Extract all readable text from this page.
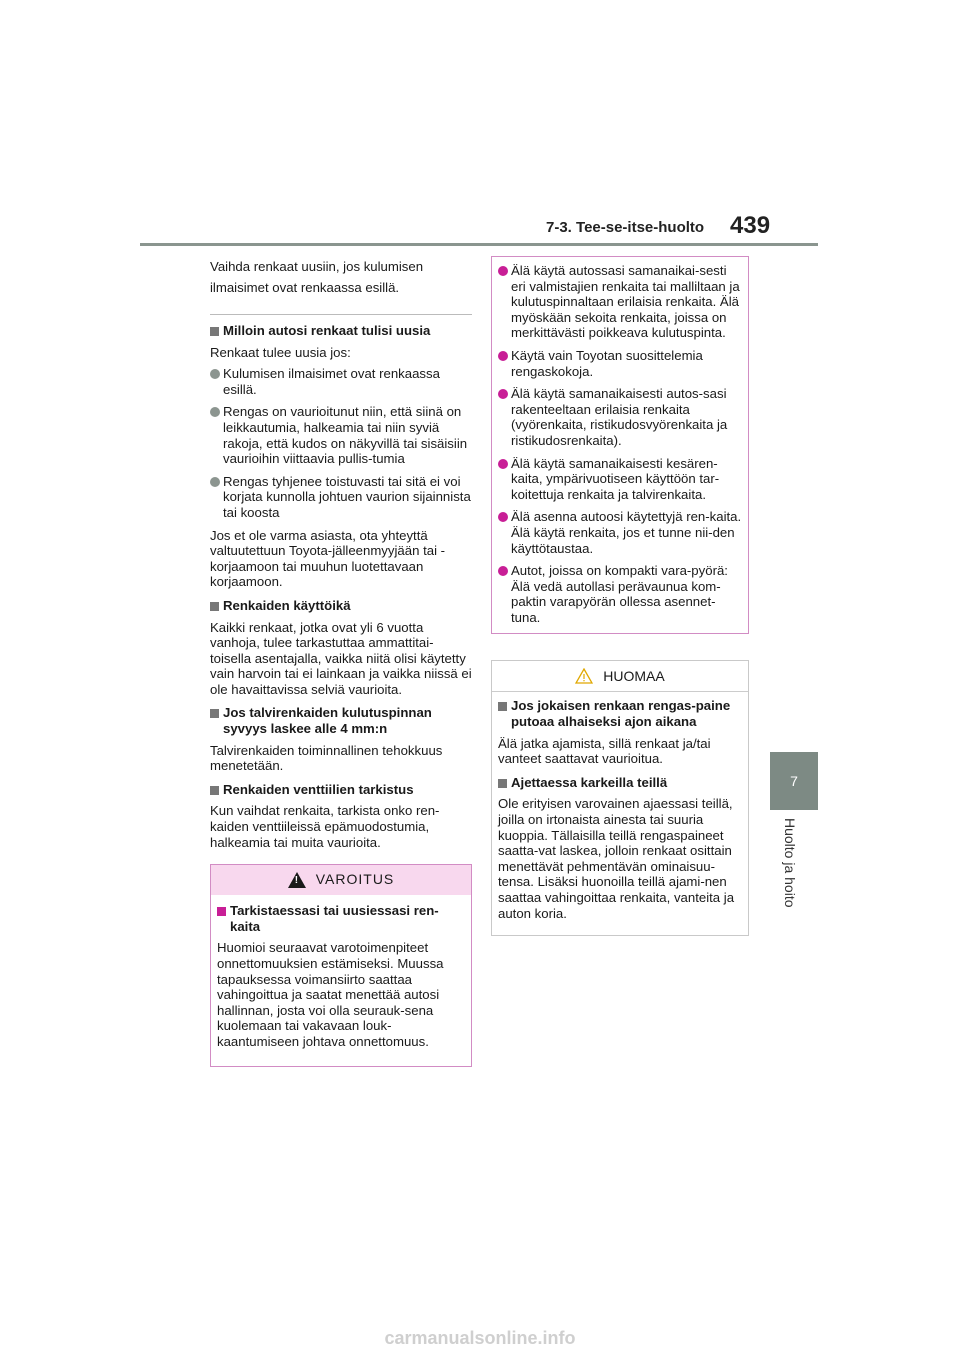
7-3. Tee-se-itse-huolto 439
7
Huolto ja hoito

Vaihda renkaat uusiin, jos kulumisen ilmaisimet ovat renkaassa esillä.

Milloin autosi renkaat tulisi uusia

Renkaat tulee uusia jos:

Kulumisen ilmaisimet ovat renkaassa esillä.

Rengas on vaurioitunut niin, että siinä on leikkautumia, halkeamia tai niin syviä rakoja, että kudos on näkyvillä tai sisäisiin vaurioihin viittaavia pullis-tumia

Rengas tyhjenee toistuvasti tai sitä ei voi korjata kunnolla johtuen vaurion sijainnista tai koosta

Jos et ole varma asiasta, ota yhteyttä valtuutettuun Toyota-jälleenmyyjään tai -korjaamoon tai muuhun luotettavaan korjaamoon.

Renkaiden käyttöikä

Kaikki renkaat, jotka ovat yli 6 vuotta vanhoja, tulee tarkastuttaa ammattitai-toisella asentajalla, vaikka niitä olisi käytetty vain harvoin tai ei lainkaan ja vaikka niissä ei ole havaittavissa selviä vaurioita.

Jos talvirenkaiden kulutuspinnan syvyys laskee alle 4 mm:n

Talvirenkaiden toiminnallinen tehokkuus menetetään.

Renkaiden venttiilien tarkistus

Kun vaihdat renkaita, tarkista onko ren-kaiden venttiileissä epämuodostumia, halkeamia tai muita vaurioita.

! VAROITUS

Tarkistaessasi tai uusiessasi ren-kaita

Huomioi seuraavat varotoimenpiteet onnettomuuksien estämiseksi. Muussa tapauksessa voimansiirto saattaa vahingoittua ja saatat menettää autosi hallinnan, josta voi olla seurauk-sena kuolemaan tai vakavaan louk-kaantumiseen johtava onnettomuus.

Älä käytä autossasi samanaikai-sesti eri valmistajien renkaita tai malliltaan ja kulutuspinnaltaan erilaisia renkaita. Älä myöskään sekoita renkaita, joissa on merkittävästi poikkeava kulutuspinta.

Käytä vain Toyotan suosittelemia rengaskokoja.

Älä käytä samanaikaisesti autos-sasi rakenteeltaan erilaisia renkaita (vyörenkaita, ristikudosvyörenkaita ja ristikudosrenkaita).

Älä käytä samanaikaisesti kesären-kaita, ympärivuotiseen käyttöön tar-koitettuja renkaita ja talvirenkaita.

Älä asenna autoosi käytettyjä ren-kaita. Älä käytä renkaita, jos et tunne nii-den käyttötaustaa.

Autot, joissa on kompakti vara-pyörä: Älä vedä autollasi perävaunua kom-paktin varapyörän ollessa asennet-tuna.

HUOMAA

Jos jokaisen renkaan rengas-paine putoaa alhaiseksi ajon aikana

Älä jatka ajamista, sillä renkaat ja/tai vanteet saattavat vaurioitua.

Ajettaessa karkeilla teillä

Ole erityisen varovainen ajaessasi teillä, joilla on irtonaista ainesta tai suuria kuoppia. Tällaisilla teillä rengaspaineet saatta-vat laskea, jolloin renkaat osittain menettävät pehmentävän ominaisuu-tensa. Lisäksi huonoilla teillä ajami-nen saattaa vahingoittaa renkaita, vanteita ja auton koria.

carmanualsonline.info
